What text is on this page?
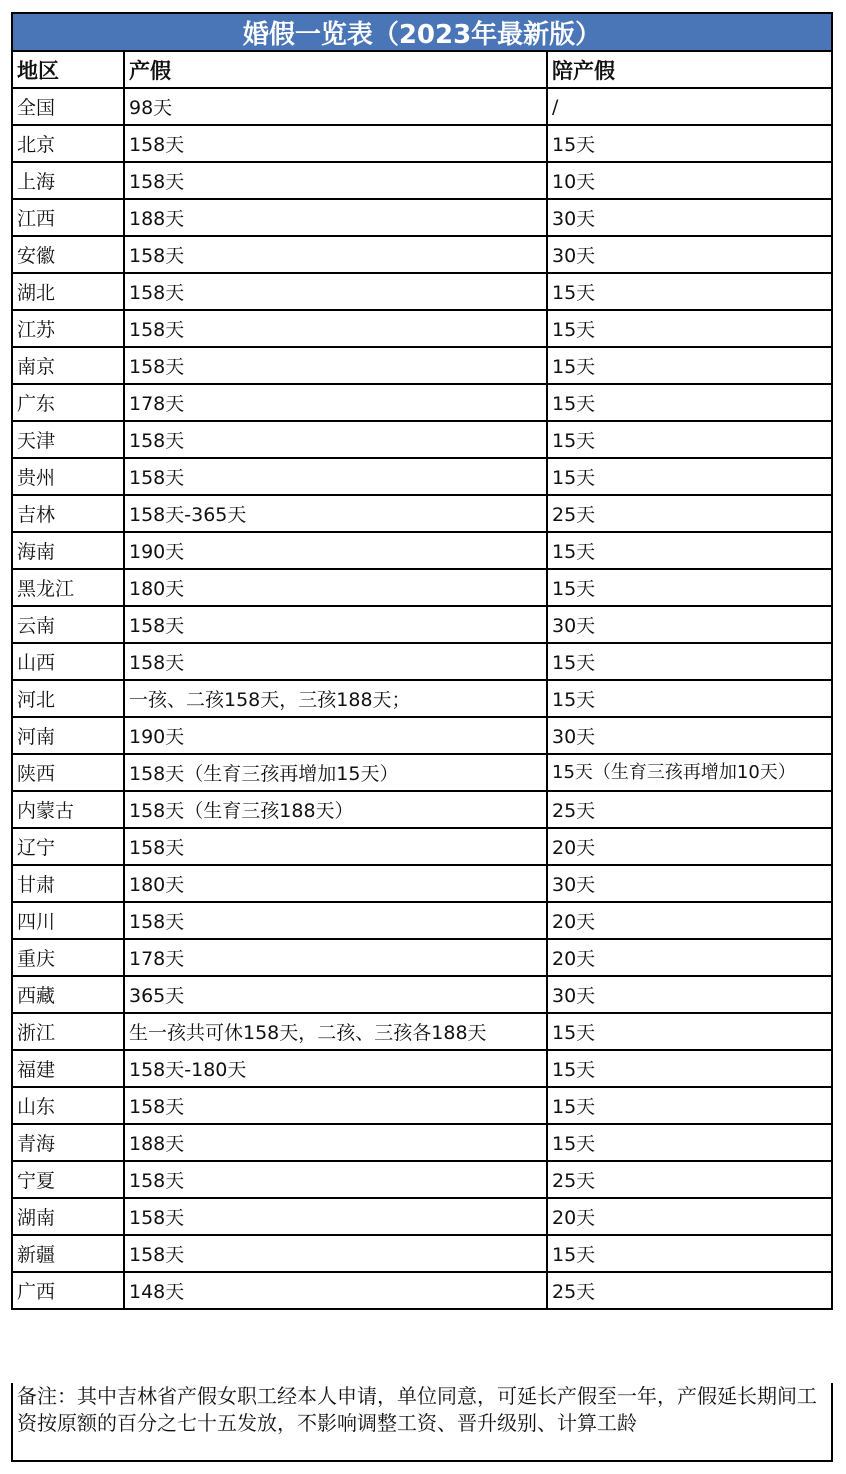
婚假一览表（2023年最新版）
地区	产假	陪产假
全国	98天	/
北京	158天	15天
上海	158天	10天
江西	188天	30天
安徽	158天	30天
湖北	158天	15天
江苏	158天	15天
南京	158天	15天
广东	178天	15天
天津	158天	15天
贵州	158天	15天
吉林	158天-365天	25天
海南	190天	15天
黑龙江	180天	15天
云南	158天	30天
山西	158天	15天
河北	一孩、二孩158天，三孩188天；	15天
河南	190天	30天
陕西	158天（生育三孩再增加15天）	15天（生育三孩再增加10天）
内蒙古	158天（生育三孩188天）	25天
辽宁	158天	20天
甘肃	180天	30天
四川	158天	20天
重庆	178天	20天
西藏	365天	30天
浙江	生一孩共可休158天，二孩、三孩各188天	15天
福建	158天-180天	15天
山东	158天	15天
青海	188天	15天
宁夏	158天	25天
湖南	158天	20天
新疆	158天	15天
广西	148天	25天
备注：其中吉林省产假女职工经本人申请，单位同意，可延长产假至一年，产假延长期间工资按原额的百分之七十五发放，不影响调整工资、晋升级别、计算工龄
